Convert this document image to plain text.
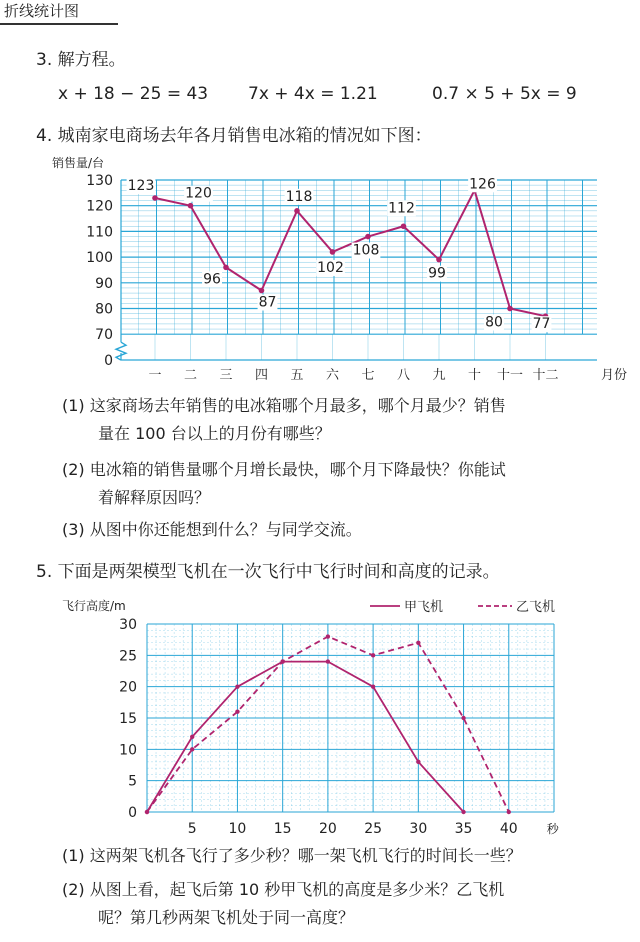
折线统计图
3. 解方程。
x + 18 − 25 = 43 7x + 4x = 1.21	0.7 × 5 + 5x = 9
4. 城南家电商场去年各月销售电冰箱的情况如下图：
0
70
80
90
100
110
120
130
销售量/台
一 二 三 四 五 六 七 八 九 十 十一 十二	月份
123 120
96
87
118
102
108
112
99
126
80 77
(1) 这家商场去年销售的电冰箱哪个月最多，哪个月最少？销售
量在 100 台以上的月份有哪些？
(2) 电冰箱的销售量哪个月增长最快，哪个月下降最快？你能试
着解释原因吗？
(3) 从图中你还能想到什么？与同学交流。
5. 下面是两架模型飞机在一次飞行中飞行时间和高度的记录。
0
5
10
15
20
25
30
5 10 15 20 25 30 35 40 秒
飞行高度/m	甲飞机	乙飞机
(1) 这两架飞机各飞行了多少秒？哪一架飞机飞行的时间长一些？
(2) 从图上看，起飞后第 10 秒甲飞机的高度是多少米？乙飞机
呢？第几秒两架飞机处于同一高度？
